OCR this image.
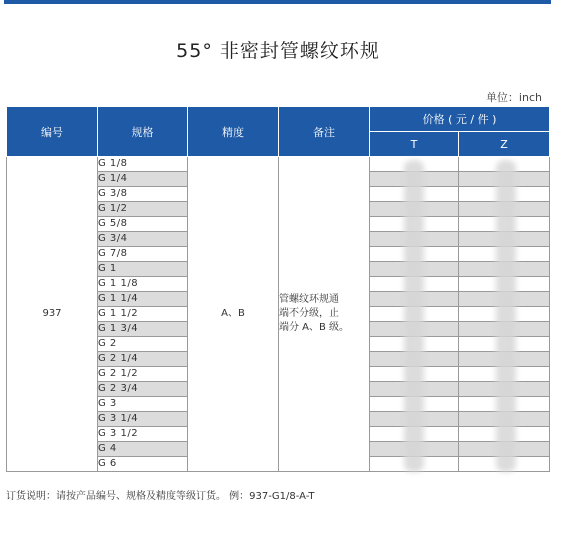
55° 非密封管螺纹环规
单位：inch
编号	规格	精度	备注	价格 ( 元 / 件 )	
				T	Z
937	G 1/8	A、B	管螺纹环规通
端不分级，止
端分 A、B 级。		

	G 1/4				
	G 3/8				
	G 1/2				
	G 5/8				
	G 3/4				
	G 7/8				
	G 1				
	G 1 1/8				
	G 1 1/4				
	G 1 1/2				
	G 1 3/4				
	G 2				
	G 2 1/4				
	G 2 1/2				
	G 2 3/4				
	G 3				
	G 3 1/4				
	G 3 1/2				
	G 4				
	G 6				
订货说明：请按产品编号、规格及精度等级订货。 例：937-G1/8-A-T
